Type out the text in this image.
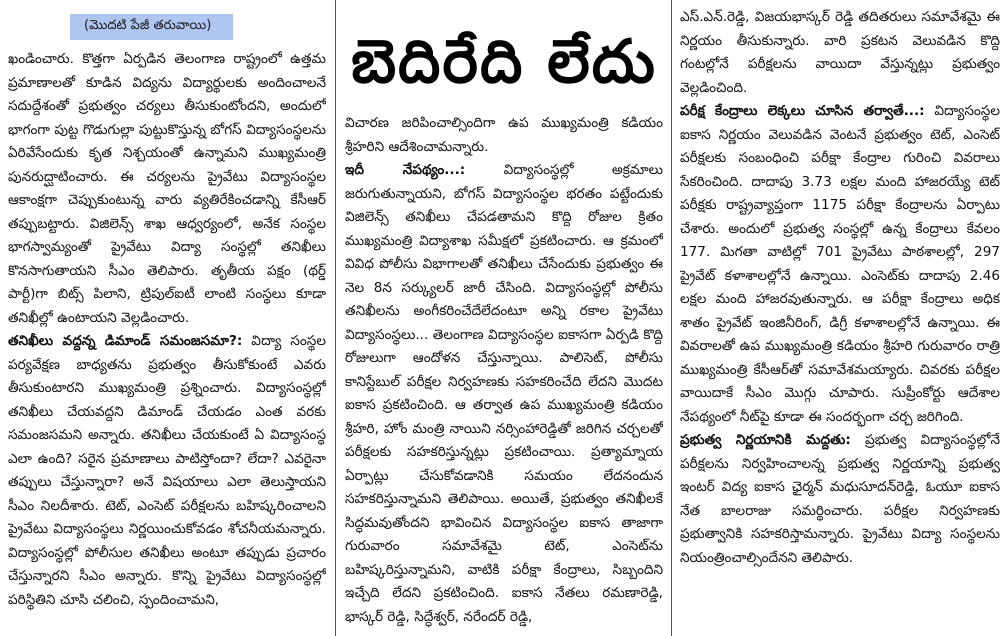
(మొదటి పేజీ తరువాయి)

ఖండించారు. కొత్తగా ఏర్పడిన తెలంగాణ రాష్ట్రంలో ఉత్తమ ప్రమాణాలతో కూడిన విద్యను విద్యార్థులకు అందించాలనే సదుద్దేశంతో ప్రభుత్వం చర్యలు తీసుకుంటోందని, అందులో భాగంగా పుట్ట గొడుగుల్లా పుట్టుకొస్తున్న బోగస్ విద్యాసంస్థలను ఏరివేసేందుకు కృత నిశ్చయంతో ఉన్నామని ముఖ్యమంత్రి పునరుద్ఘాటించారు. ఈ చర్యలను ప్రైవేటు విద్యాసంస్థల ఆకాంక్షగా చెప్పుకుంటున్న వారు వ్యతిరేకించడాన్ని కేసీఆర్ తప్పుబట్టారు. విజిలెన్స్ శాఖ ఆధ్వర్యంలో, అనేక సంస్థల భాగస్వామ్యంతో ప్రైవేటు విద్యా సంస్థల్లో తనిఖీలు కొనసాగుతాయని సీఎం తెలిపారు. తృతీయ పక్షం (థర్డ్ పార్టీ)గా బిట్స్ పిలాని, ట్రిపుల్ఐటీ లాంటి సంస్థలు కూడా తనిఖీల్లో ఉంటాయని వెల్లడించారు.

తనిఖీలు వద్దన్న డిమాండ్ సమంజసమా?: విద్యా సంస్థల పర్యవేక్షణ బాధ్యతను ప్రభుత్వం తీసుకోకుంటే ఎవరు తీసుకుంటారని ముఖ్యమంత్రి ప్రశ్నించారు. విద్యాసంస్థల్లో తనిఖీలు చేయవద్దని డిమాండ్ చేయడం ఎంత వరకు సమంజసమని అన్నారు. తనిఖీలు చేయకుంటే ఏ విద్యాసంస్థ ఎలా ఉంది? సరైన ప్రమాణాలు పాటిస్తోందా? లేదా? ఎవరైనా తప్పులు చేస్తున్నారా? అనే విషయాలు ఎలా తెలుస్తాయని సీఎం నిలదీశారు. టెట్, ఎంసెట్ పరీక్షలను బహిష్కరించాలని ప్రైవేటు విద్యాసంస్థలు నిర్ణయించుకోవడం శోచనీయమన్నారు. విద్యాసంస్థల్లో పోలీసుల తనిఖీలు అంటూ తప్పుడు ప్రచారం చేస్తున్నారని సీఎం అన్నారు. కొన్ని ప్రైవేటు విద్యాసంస్థల్లో పరిస్థితిని చూసి చలించి, స్పందించామని,

బెదిరేది లేదు

విచారణ జరిపించాల్సిందిగా ఉప ముఖ్యమంత్రి కడియం శ్రీహరిని ఆదేశించామన్నారు.

ఇదీ నేపథ్యం...: విద్యాసంస్థల్లో అక్రమాలు జరుగుతున్నాయని, బోగస్ విద్యాసంస్థల భరతం పట్టేందుకు విజిలెన్స్ తనిఖీలు చేపడతామని కొద్ది రోజుల క్రితం ముఖ్యమంత్రి విద్యాశాఖ సమీక్షలో ప్రకటించారు. ఆ క్రమంలో వివిధ పోలీసు విభాగాలతో తనిఖీలు చేసేందుకు ప్రభుత్వం ఈ నెల 8న సర్క్యులర్ జారీ చేసింది. విద్యాసంస్థల్లో పోలీసు తనిఖీలను అంగీకరించేదేలేదంటూ అన్ని రకాల ప్రైవేటు విద్యాసంస్థలు... తెలంగాణ విద్యాసంస్థల ఐకాసగా ఏర్పడి కొద్ది రోజులుగా ఆందోళన చేస్తున్నాయి. పాలిసెట్, పోలీసు కానిస్టేబుల్ పరీక్షల నిర్వహణకు సహకరించేది లేదని మొదట ఐకాస ప్రకటించింది. ఆ తర్వాత ఉప ముఖ్యమంత్రి కడియం శ్రీహరి, హోం మంత్రి నాయిని నర్సింహారెడ్డితో జరిగిన చర్చలతో పరీక్షలకు సహకరిస్తున్నట్లు ప్రకటించాయి. ప్రత్యామ్నాయ ఏర్పాట్లు చేసుకోవడానికి సమయం లేదనందున సహకరిస్తున్నామని తెలిపాయి. అయితే, ప్రభుత్వం తనిఖీలకే సిద్ధమవుతోందని భావించిన విద్యాసంస్థల ఐకాస తాజాగా గురువారం సమావేశమై టెట్, ఎంసెట్‌ను బహిష్కరిస్తున్నామని, వాటికి పరీక్షా కేంద్రాలు, సిబ్బందిని ఇచ్చేది లేదని ప్రకటించింది. ఐకాస నేతలు రమణారెడ్డి, భాస్కర్ రెడ్డి, సిద్ధేశ్వర్, నరేందర్ రెడ్డి,

ఎస్.ఎన్.రెడ్డి, విజయభాస్కర్ రెడ్డి తదితరులు సమావేశమై ఈ నిర్ణయం తీసుకున్నారు. వారి ప్రకటన వెలువడిన కొద్ది గంటల్లోనే పరీక్షలను వాయిదా వేస్తున్నట్లు ప్రభుత్వం వెల్లడించింది.

పరీక్ష కేంద్రాలు లెక్కలు చూసిన తర్వాతే...: విద్యాసంస్థల ఐకాస నిర్ణయం వెలువడిన వెంటనే ప్రభుత్వం టెట్, ఎంసెట్ పరీక్షలకు సంబంధించి పరీక్షా కేంద్రాల గురించి వివరాలు సేకరించింది. దాదాపు 3.73 లక్షల మంది హాజరయ్యే టెట్ పరీక్షకు రాష్ట్రవ్యాప్తంగా 1175 పరీక్షా కేంద్రాలను ఏర్పాటు చేశారు. అందులో ప్రభుత్వ సంస్థల్లో ఉన్న కేంద్రాలు కేవలం 177. మిగతా వాటిల్లో 701 ప్రైవేటు పాఠశాలల్లో, 297 ప్రైవేట్ కళాశాలల్లోనే ఉన్నాయి. ఎంసెట్‌కు దాదాపు 2.46 లక్షల మంది హాజరవుతున్నారు. ఆ పరీక్షా కేంద్రాలు అధిక శాతం ప్రైవేట్ ఇంజినీరింగ్, డిగ్రీ కళాశాలల్లోనే ఉన్నాయి. ఈ వివరాలతో ఉప ముఖ్యమంత్రి కడియం శ్రీహరి గురువారం రాత్రి ముఖ్యమంత్రి కేసీఆర్‌తో సమావేశమయ్యారు. చివరకు పరీక్షల వాయిదాకే సీఎం మొగ్గు చూపారు. సుప్రీంకోర్టు ఆదేశాల నేపథ్యంలో నీట్‌పై కూడా ఈ సందర్భంగా చర్చ జరిగింది.

ప్రభుత్వ నిర్ణయానికి మద్దతు: ప్రభుత్వ విద్యాసంస్థల్లోనే పరీక్షలను నిర్వహించాలన్న ప్రభుత్వ నిర్ణయాన్ని ప్రభుత్వ ఇంటర్ విద్య ఐకాస ఛైర్మన్ మధుసూదన్‌రెడ్డి, ఓయూ ఐకాస నేత బాలరాజు సమర్థించారు. పరీక్షల నిర్వహణకు ప్రభుత్వానికి సహకరిస్తామన్నారు. ప్రైవేటు విద్యా సంస్థలను నియంత్రించాల్సిందేనని తెలిపారు.
